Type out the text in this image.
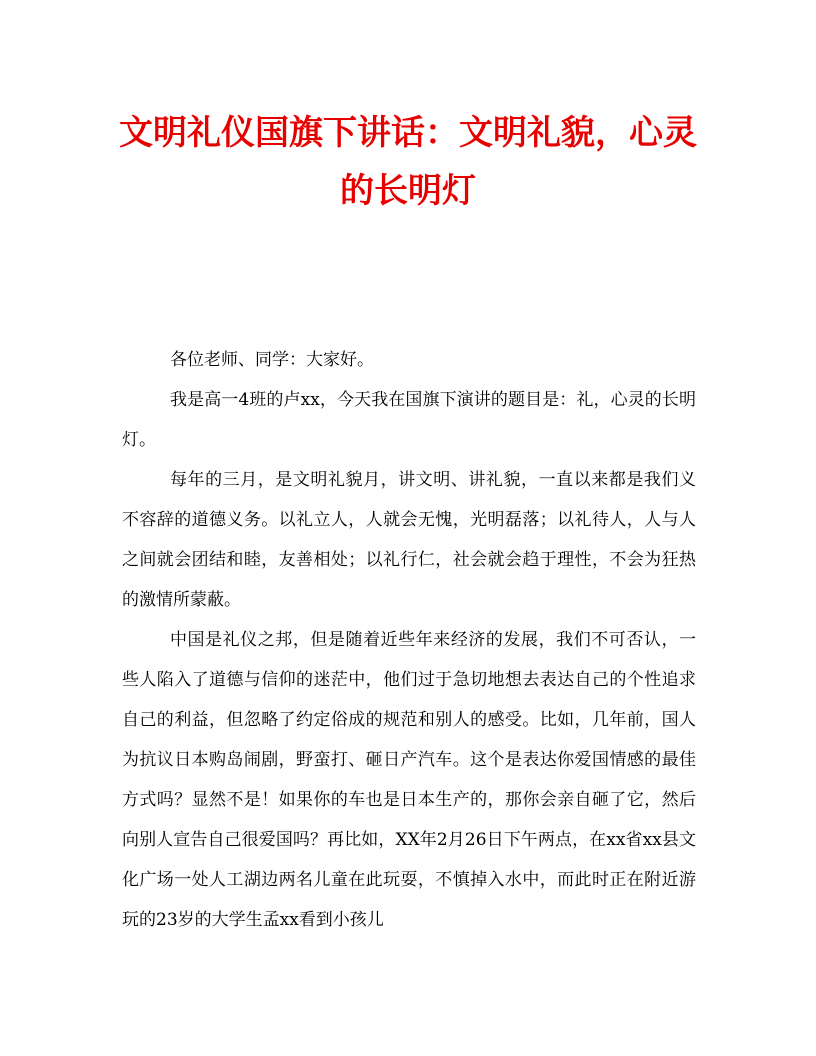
文明礼仪国旗下讲话：文明礼貌，心灵的长明灯

各位老师、同学：大家好。

我是高一4班的卢xx，今天我在国旗下演讲的题目是：礼，心灵的长明灯。

每年的三月，是文明礼貌月，讲文明、讲礼貌，一直以来都是我们义不容辞的道德义务。以礼立人，人就会无愧，光明磊落；以礼待人，人与人之间就会团结和睦，友善相处；以礼行仁，社会就会趋于理性，不会为狂热的激情所蒙蔽。

中国是礼仪之邦，但是随着近些年来经济的发展，我们不可否认，一些人陷入了道德与信仰的迷茫中，他们过于急切地想去表达自己的个性追求自己的利益，但忽略了约定俗成的规范和别人的感受。比如，几年前，国人为抗议日本购岛闹剧，野蛮打、砸日产汽车。这个是表达你爱国情感的最佳方式吗？显然不是！如果你的车也是日本生产的，那你会亲自砸了它，然后向别人宣告自己很爱国吗？再比如，XX年2月26日下午两点，在xx省xx县文化广场一处人工湖边两名儿童在此玩耍，不慎掉入水中，而此时正在附近游玩的23岁的大学生孟xx看到小孩儿
